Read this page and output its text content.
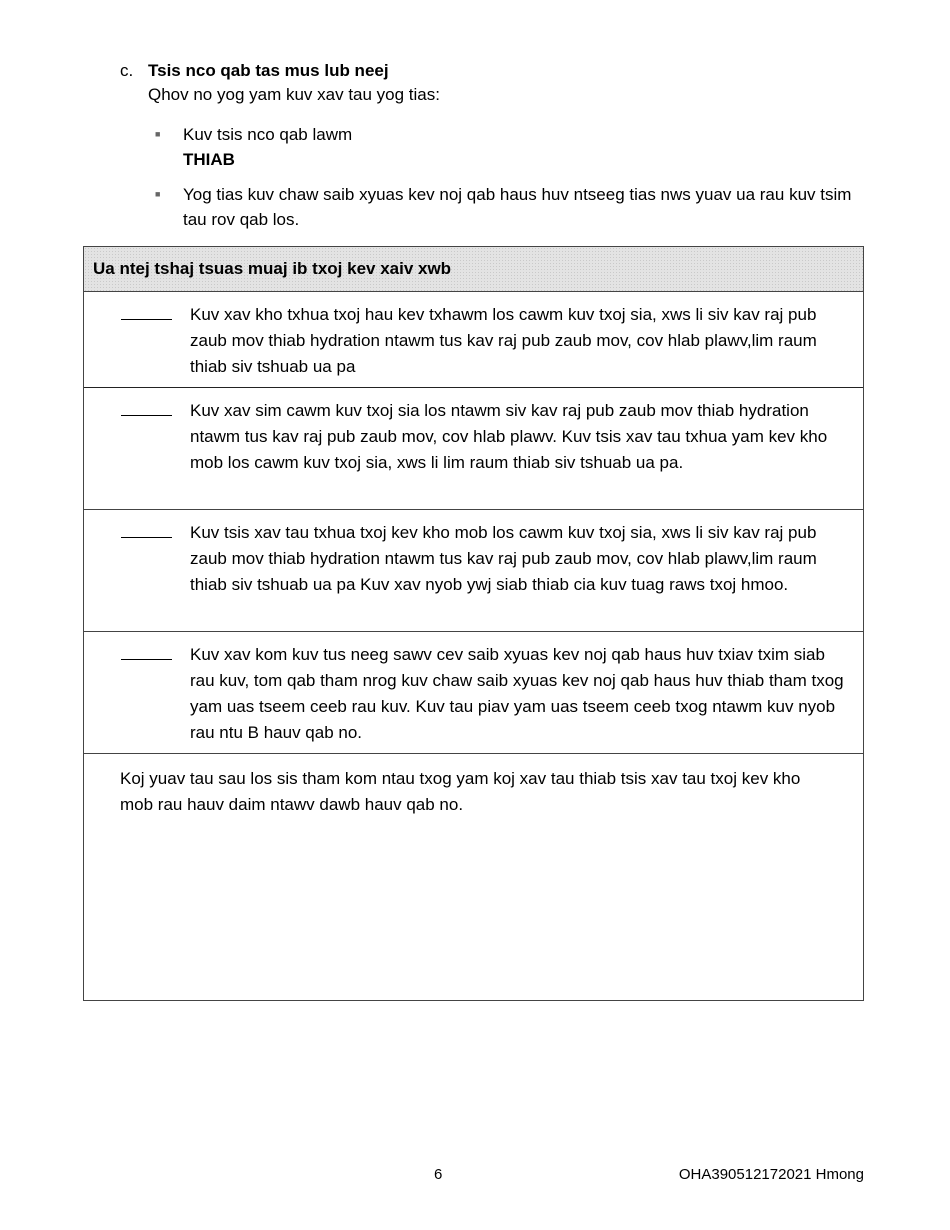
c. Tsis nco qab tas mus lub neej
Qhov no yog yam kuv xav tau yog tias:
■	Kuv tsis nco qab lawm
THIAB
■	Yog tias kuv chaw saib xyuas kev noj qab haus huv ntseeg tias nws yuav ua rau kuv tsim tau rov qab los.
Ua ntej tshaj tsuas muaj ib txoj kev xaiv xwb
Kuv xav kho txhua txoj hau kev txhawm los cawm kuv txoj sia, xws li siv kav raj pub zaub mov thiab hydration ntawm tus kav raj pub zaub mov, cov hlab plawv,lim raum thiab siv tshuab ua pa
Kuv xav sim cawm kuv txoj sia los ntawm siv kav raj pub zaub mov thiab hydration ntawm tus kav raj pub zaub mov, cov hlab plawv. Kuv tsis xav tau txhua yam kev kho mob los cawm kuv txoj sia, xws li lim raum thiab siv tshuab ua pa.
Kuv tsis xav tau txhua txoj kev kho mob los cawm kuv txoj sia, xws li siv kav raj pub zaub mov thiab hydration ntawm tus kav raj pub zaub mov, cov hlab plawv,lim raum thiab siv tshuab ua pa Kuv xav nyob ywj siab thiab cia kuv tuag raws txoj hmoo.
Kuv xav kom kuv tus neeg sawv cev saib xyuas kev noj qab haus huv txiav txim siab rau kuv, tom qab tham nrog kuv chaw saib xyuas kev noj qab haus huv thiab tham txog yam uas tseem ceeb rau kuv. Kuv tau piav yam uas tseem ceeb txog ntawm kuv nyob rau ntu B hauv qab no.
Koj yuav tau sau los sis tham kom ntau txog yam koj xav tau thiab tsis xav tau txoj kev kho mob rau hauv daim ntawv dawb hauv qab no.
6	OHA390512172021 Hmong
